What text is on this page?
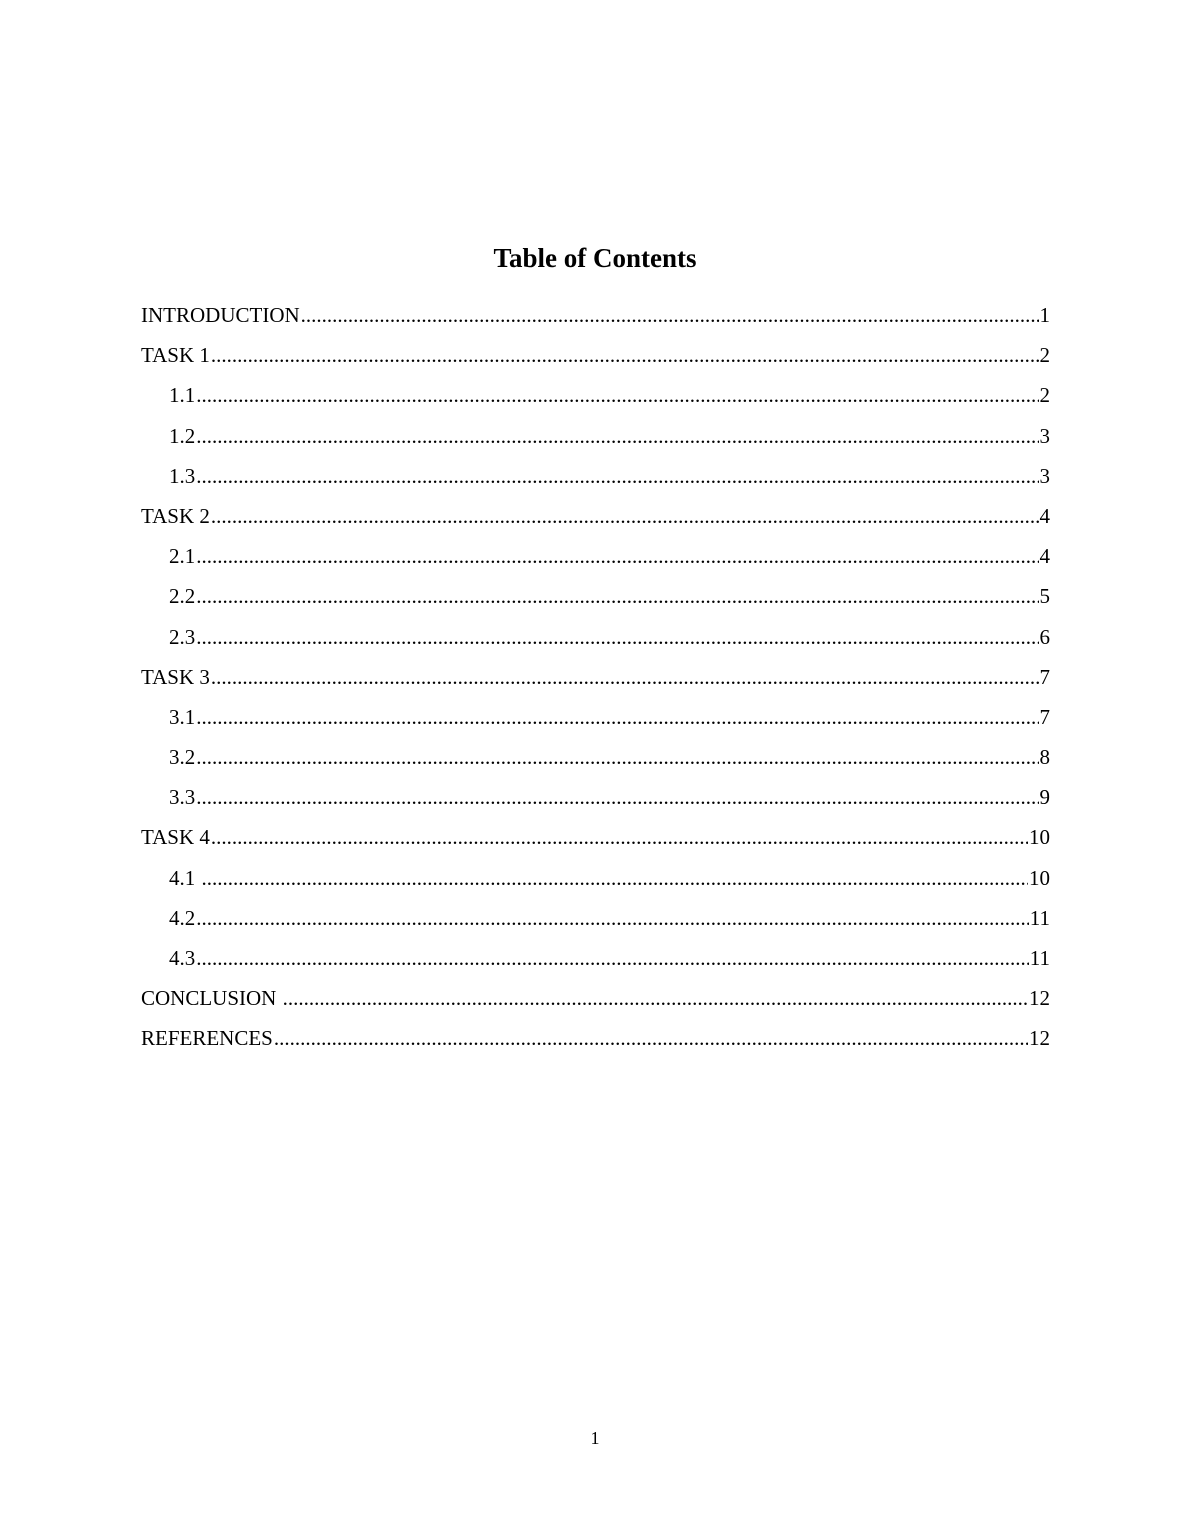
Table of Contents
INTRODUCTION .....	1
TASK 1 .....	2
1.1 .....	2
1.2 .....	3
1.3 .....	3
TASK 2 .....	4
2.1 .....	4
2.2 .....	5
2.3 .....	6
TASK 3 .....	7
3.1 .....	7
3.2 .....	8
3.3 .....	9
TASK 4 .....	10
4.1 .....	10
4.2 .....	11
4.3 .....	11
CONCLUSION .....	12
REFERENCES .....	12
1
